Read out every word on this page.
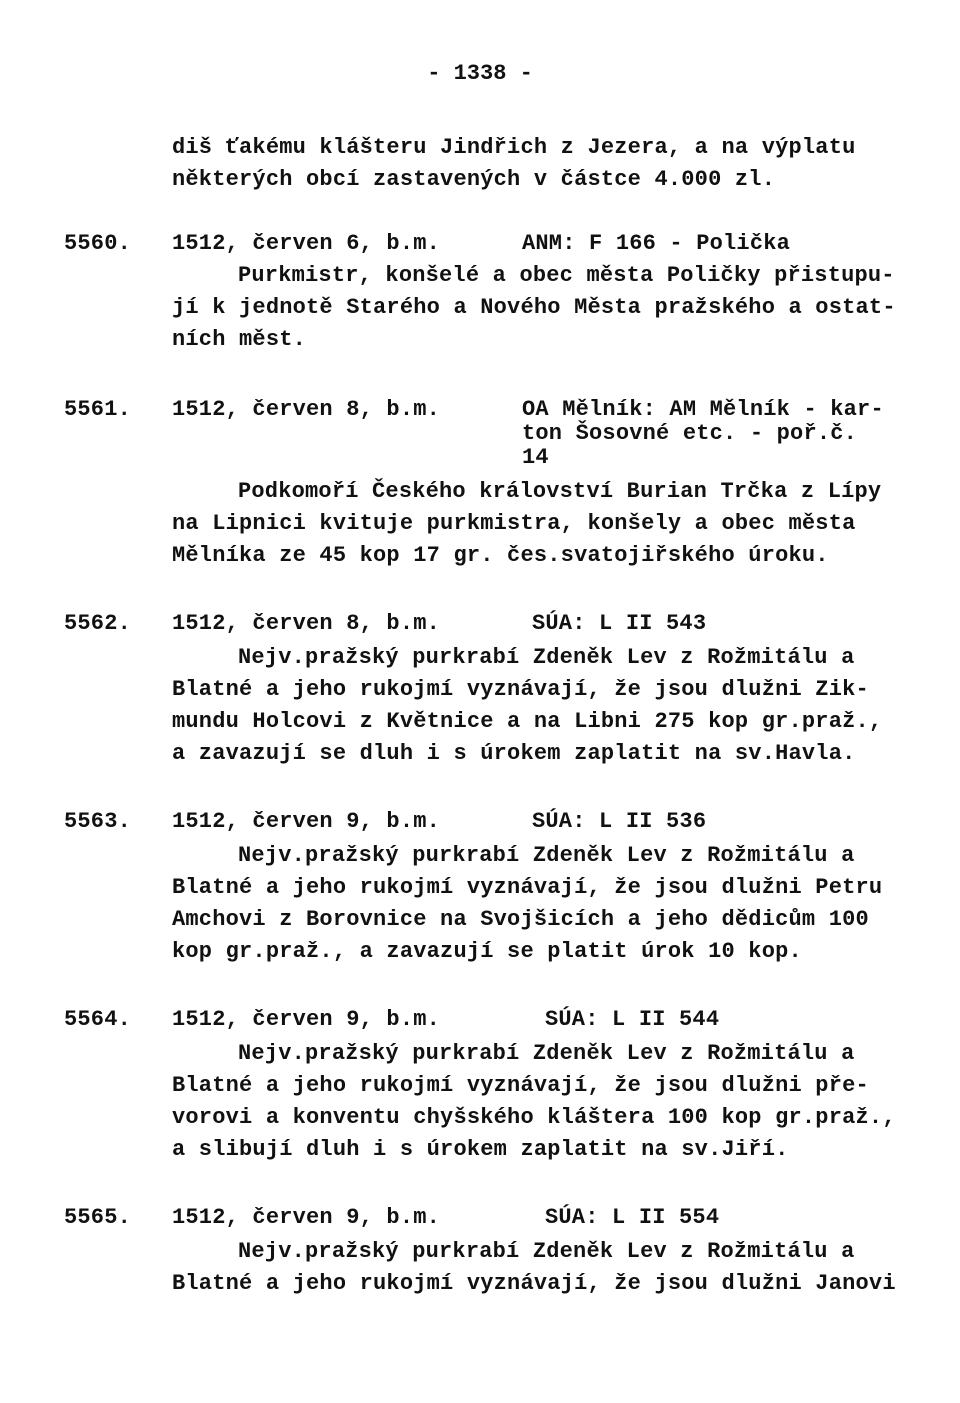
- 1338 -
diš ťakému klášteru Jindřich z Jezera, a na výplatu
některých obcí zastavených v částce 4.000 zl.
5560. 1512, červen 6, b.m.	ANM: F 166 - Polička
Purkmistr, konšelé a obec města Poličky přistupu-
jí k jednotě Starého a Nového Města pražského a ostat-
ních měst.
5561. 1512, červen 8, b.m.	OA Mělník: AM Mělník - kar-
ton Šosovné etc. - poř.č.
14
Podkomoří Českého království Burian Trčka z Lípy
na Lipnici kvituje purkmistra, konšely a obec města
Mělníka ze 45 kop 17 gr. čes.svatojiřského úroku.
5562. 1512, červen 8, b.m.	SÚA: L II 543
Nejv.pražský purkrabí Zdeněk Lev z Rožmitálu a
Blatné a jeho rukojmí vyznávají, že jsou dlužni Zik-
mundu Holcovi z Květnice a na Libni 275 kop gr.praž.,
a zavazují se dluh i s úrokem zaplatit na sv.Havla.
5563. 1512, červen 9, b.m.	SÚA: L II 536
Nejv.pražský purkrabí Zdeněk Lev z Rožmitálu a
Blatné a jeho rukojmí vyznávají, že jsou dlužni Petru
Amchovi z Borovnice na Svojšicích a jeho dědicům 100
kop gr.praž., a zavazují se platit úrok 10 kop.
5564. 1512, červen 9, b.m.	SÚA: L II 544
Nejv.pražský purkrabí Zdeněk Lev z Rožmitálu a
Blatné a jeho rukojmí vyznávají, že jsou dlužni pře-
vorovi a konventu chyšského kláštera 100 kop gr.praž.,
a slibují dluh i s úrokem zaplatit na sv.Jiří.
5565. 1512, červen 9, b.m.	SÚA: L II 554
Nejv.pražský purkrabí Zdeněk Lev z Rožmitálu a
Blatné a jeho rukojmí vyznávají, že jsou dlužni Janovi
